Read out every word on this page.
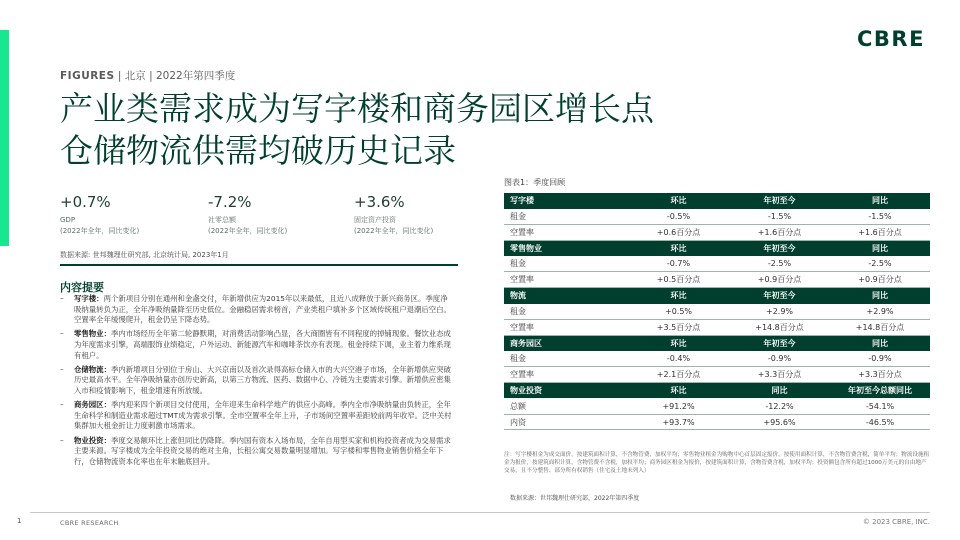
CBRE
FIGURES | 北京 | 2022年第四季度
产业类需求成为写字楼和商务园区增长点
仓储物流供需均破历史记录
+0.7%
GDP
(2022年全年，同比变化)
-7.2%
社零总额
(2022年全年，同比变化)
+3.6%
固定资产投资
(2022年全年，同比变化)
数据来源: 世邦魏理仕研究部, 北京统计局, 2023年1月
内容提要
– 写字楼：两个新项目分别在通州和金盏交付，年新增供应为2015年以来最低，且近八成释放于新兴商务区。季度净吸纳量转负为正，全年净吸纳量降至历史低位。金融稳居需求榜首，产业类租户填补多个区域传统租户退潮后空白。空置率全年缓慢爬升，租金仍呈下降态势。
– 零售物业：季内市场经历全年第二轮静默期，对消费活动影响凸显，各大商圈皆有不同程度的掉铺现象。餐饮业态成为年度需求引擎，高端服饰业绩稳定，户外运动、新能源汽车和咖啡茶饮亦有表现。租金持续下调，业主着力维系现有租户。
– 仓储物流：季内新增项目分别位于房山、大兴京南以及首次录得高标仓储入市的大兴空港子市场，全年新增供应突破历史最高水平。全年净吸纳量亦创历史新高，以第三方物流、医药、数据中心、冷链为主要需求引擎。新增供应密集入市和疫情影响下，租金增速有所放缓。
– 商务园区：季内迎来四个新项目交付使用，全年迎来生命科学地产的供应小高峰。季内全市净吸纳量由负转正，全年生命科学和制造业需求超过TMT成为需求引擎。全市空置率全年上升，子市场间空置率差距较前两年收窄。泛中关村集群加大租金折让力度刺激市场需求。
– 物业投资：季度交易额环比上涨但同比仍降降。季内国有资本入场布局，全年自用型买家和机构投资者成为交易需求主要来源。写字楼成为全年投资交易的绝对主角，长租公寓交易数量明显增加。写字楼和零售物业销售价格全年下行，仓储物流资本化率也在年末触底回升。
图表1：季度回顾
写字楼	环比	年初至今	同比
租金	-0.5%	-1.5%	-1.5%
空置率	+0.6百分点	+1.6百分点	+1.6百分点
零售物业	环比	年初至今	同比
租金	-0.7%	-2.5%	-2.5%
空置率	+0.5百分点	+0.9百分点	+0.9百分点
物流	环比	年初至今	同比
租金	+0.5%	+2.9%	+2.9%
空置率	+3.5百分点	+14.8百分点	+14.8百分点
商务园区	环比	年初至今	同比
租金	-0.4%	-0.9%	-0.9%
空置率	+2.1百分点	+3.3百分点	+3.3百分点
物业投资	环比	同比	年初至今总额同比
总额	+91.2%	-12.2%	-54.1%
内资	+93.7%	+95.6%	-46.5%
注：写字楼租金为成交面价，按建筑面积计算，不含物管费，加权平均；零售物业租金为购物中心首层固定报价，按使用面积计算，不含物管费含税，简单平均；物流设施租金为报价，按建筑面积计算，含物管费不含税，加权平均；商务园区租金为报价，按建筑面积计算，含物管费含税，加权平均；投资额包含所有超过1000万美元的自由地产交易，且不分整售、部分所有权销售（住宅及土地未列入）
数据来源：世邦魏理仕研究部，2022年第四季度
1	CBRE RESEARCH	© 2023 CBRE, INC.
